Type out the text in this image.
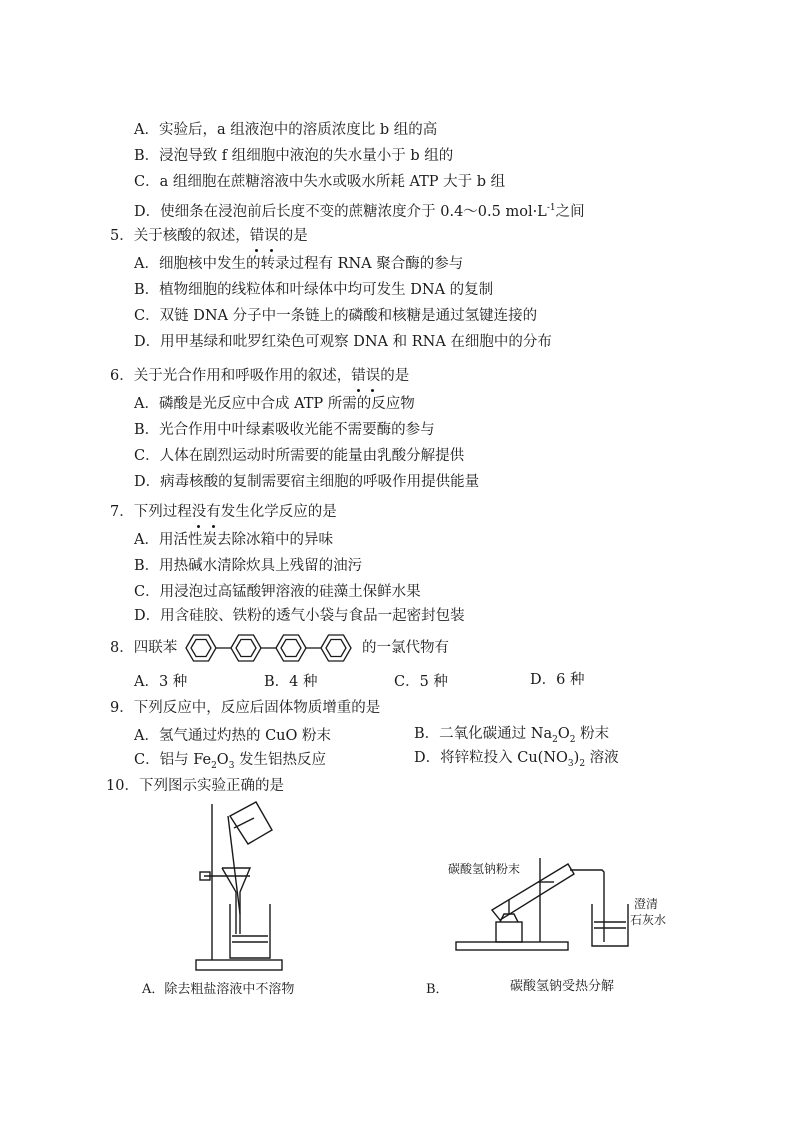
A．实验后，a 组液泡中的溶质浓度比 b 组的高
B．浸泡导致 f 组细胞中液泡的失水量小于 b 组的
C．a 组细胞在蔗糖溶液中失水或吸水所耗 ATP 大于 b 组
D．使细条在浸泡前后长度不变的蔗糖浓度介于 0.4～0.5 $mol\cdot L^{-1}$之间
5．关于核酸的叙述，错误的是
A．细胞核中发生的转录过程有 RNA 聚合酶的参与
B．植物细胞的线粒体和叶绿体中均可发生 DNA 的复制
C．双链 DNA 分子中一条链上的磷酸和核糖是通过氢键连接的
D．用甲基绿和吡罗红染色可观察 DNA 和 RNA 在细胞中的分布
6．关于光合作用和呼吸作用的叙述，错误的是
A．磷酸是光反应中合成 ATP 所需的反应物
B．光合作用中叶绿素吸收光能不需要酶的参与
C．人体在剧烈运动时所需要的能量由乳酸分解提供
D．病毒核酸的复制需要宿主细胞的呼吸作用提供能量
7．下列过程没有发生化学反应的是
A．用活性炭去除冰箱中的异味
B．用热碱水清除炊具上残留的油污
C．用浸泡过高锰酸钾溶液的硅藻土保鲜水果
D．用含硅胶、铁粉的透气小袋与食品一起密封包装
8．四联苯	的一氯代物有
A．3 种	B．4 种	C．5 种	D．6 种
9．下列反应中，反应后固体物质增重的是
A．氢气通过灼热的 CuO 粉末	B．二氧化碳通过 $Na_2O_2$ 粉末
C．铝与 $Fe_2O_3$ 发生铝热反应	D．将锌粒投入 $Cu(NO_3)_2$ 溶液
10．下列图示实验正确的是
A．除去粗盐溶液中不溶物
碳酸氢钠粉末
澄清
石灰水
B．	碳酸氢钠受热分解
